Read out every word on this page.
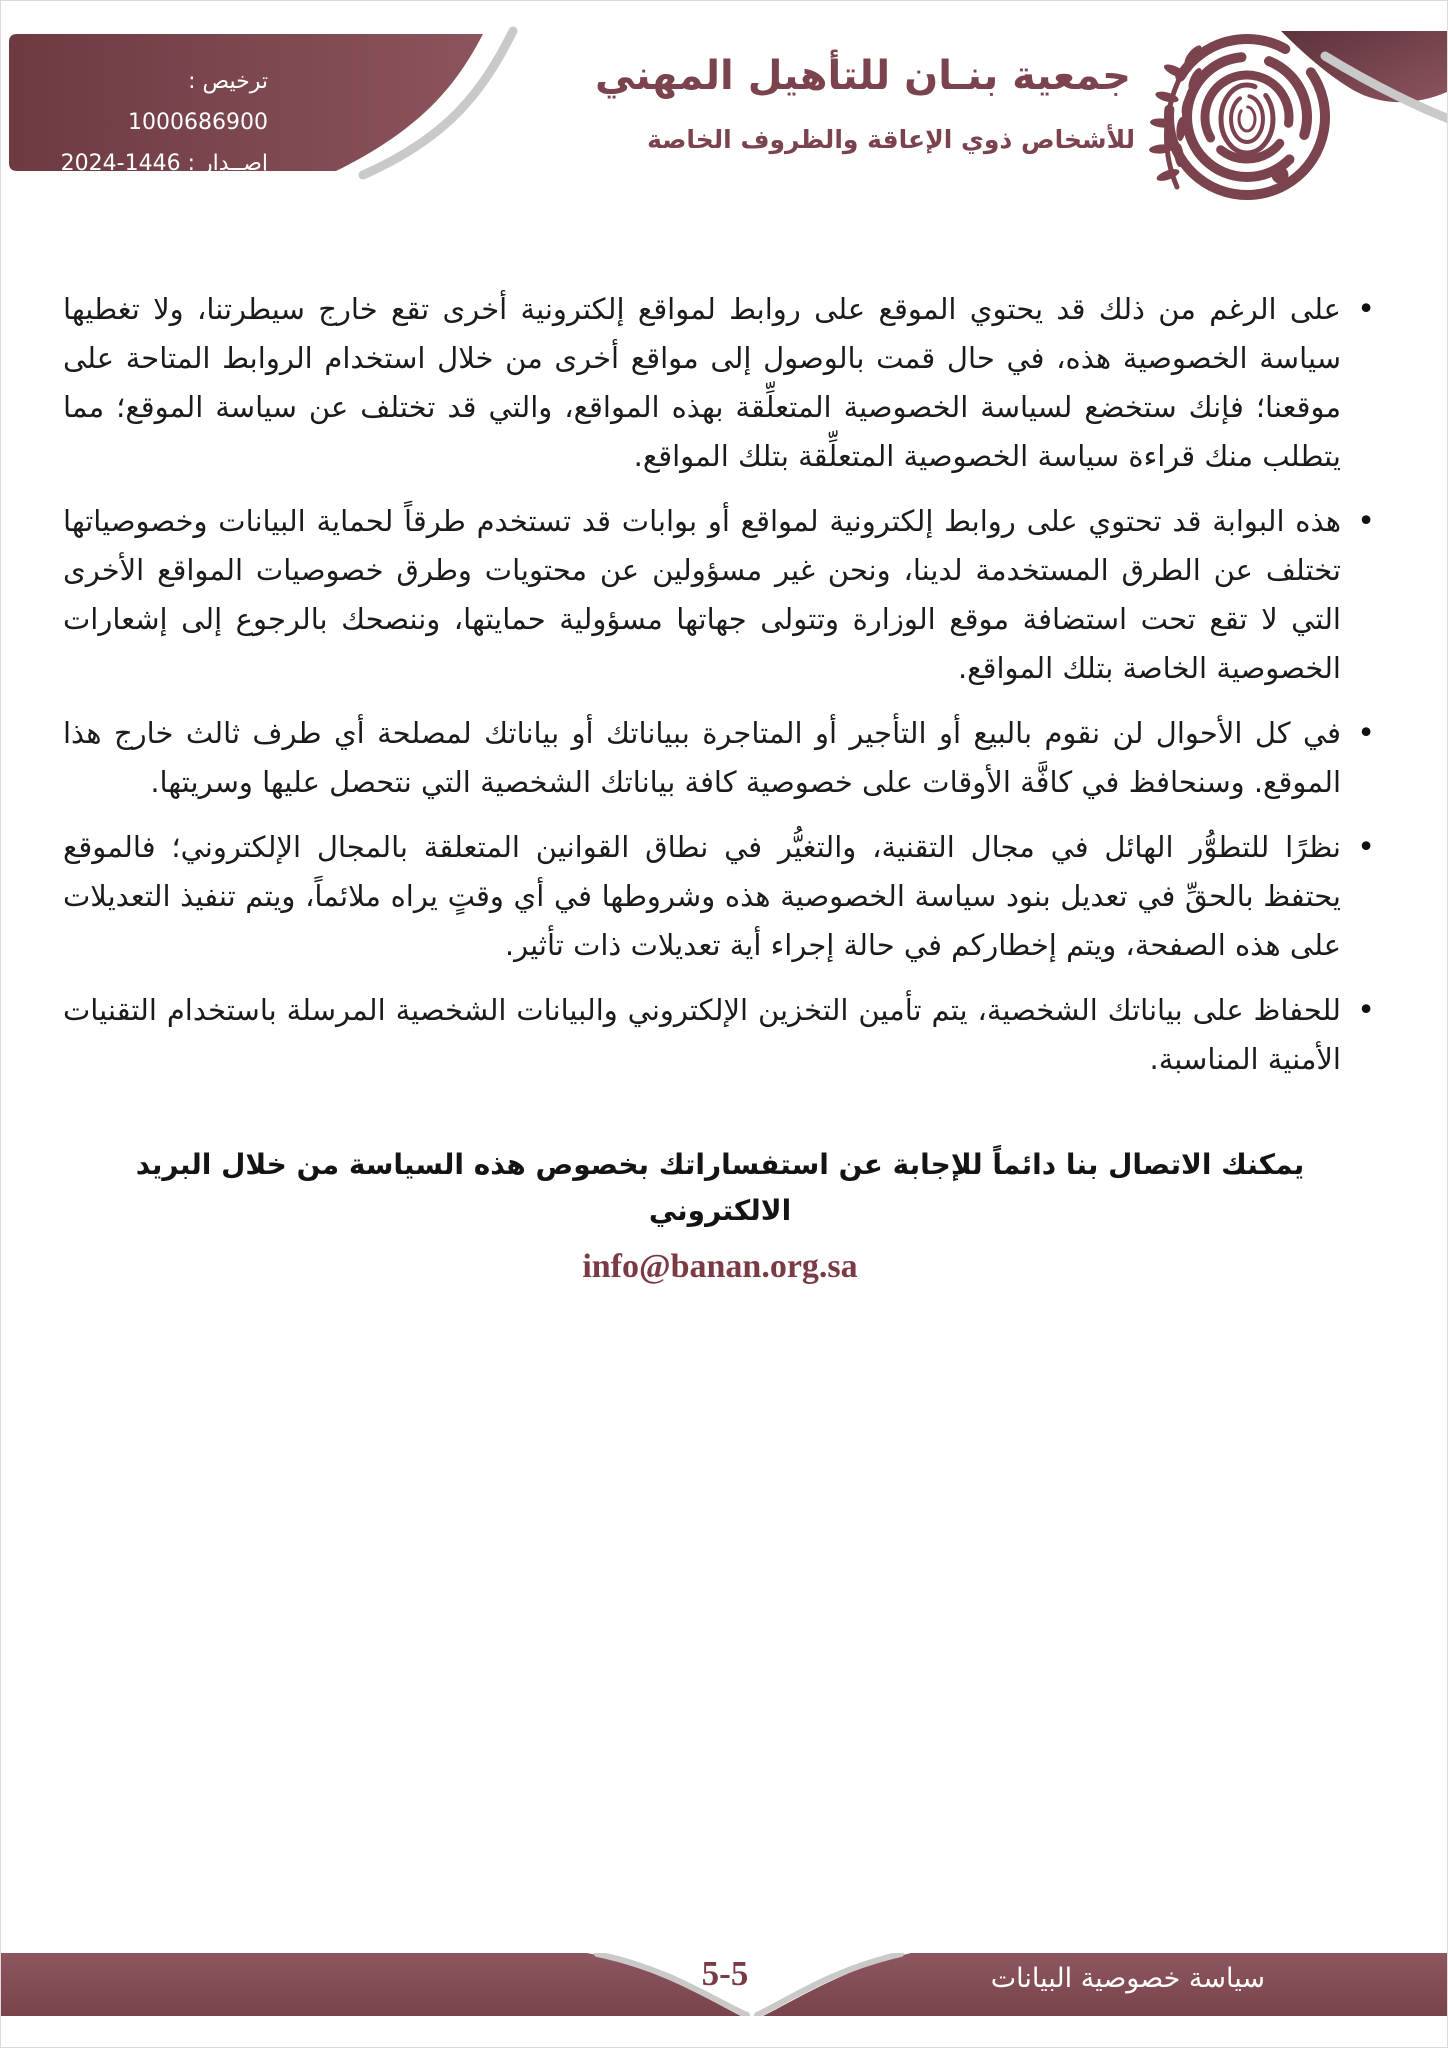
ترخيص : 1000686900
إصــدار : 1446-2024
جمعية بنـان للتأهيل المهني
للأشخاص ذوي الإعاقة والظروف الخاصة
• على الرغم من ذلك قد يحتوي الموقع على روابط لمواقع إلكترونية أخرى تقع خارج سيطرتنا، ولا تغطيها سياسة الخصوصية هذه، في حال قمت بالوصول إلى مواقع أخرى من خلال استخدام الروابط المتاحة على موقعنا؛ فإنك ستخضع لسياسة الخصوصية المتعلِّقة بهذه المواقع، والتي قد تختلف عن سياسة الموقع؛ مما يتطلب منك قراءة سياسة الخصوصية المتعلِّقة بتلك المواقع.
• هذه البوابة قد تحتوي على روابط إلكترونية لمواقع أو بوابات قد تستخدم طرقاً لحماية البيانات وخصوصياتها تختلف عن الطرق المستخدمة لدينا، ونحن غير مسؤولين عن محتويات وطرق خصوصيات المواقع الأخرى التي لا تقع تحت استضافة موقع الوزارة وتتولى جهاتها مسؤولية حمايتها، وننصحك بالرجوع إلى إشعارات الخصوصية الخاصة بتلك المواقع.
• في كل الأحوال لن نقوم بالبيع أو التأجير أو المتاجرة ببياناتك أو بياناتك لمصلحة أي طرف ثالث خارج هذا الموقع. وسنحافظ في كافَّة الأوقات على خصوصية كافة بياناتك الشخصية التي نتحصل عليها وسريتها.
• نظرًا للتطوُّر الهائل في مجال التقنية، والتغيُّر في نطاق القوانين المتعلقة بالمجال الإلكتروني؛ فالموقع يحتفظ بالحقِّ في تعديل بنود سياسة الخصوصية هذه وشروطها في أي وقتٍ يراه ملائماً، ويتم تنفيذ التعديلات على هذه الصفحة، ويتم إخطاركم في حالة إجراء أية تعديلات ذات تأثير.
• للحفاظ على بياناتك الشخصية، يتم تأمين التخزين الإلكتروني والبيانات الشخصية المرسلة باستخدام التقنيات الأمنية المناسبة.
يمكنك الاتصال بنا دائماً للإجابة عن استفساراتك بخصوص هذه السياسة من خلال البريد الالكتروني
info@banan.org.sa
سياسة خصوصية البيانات
5-5
